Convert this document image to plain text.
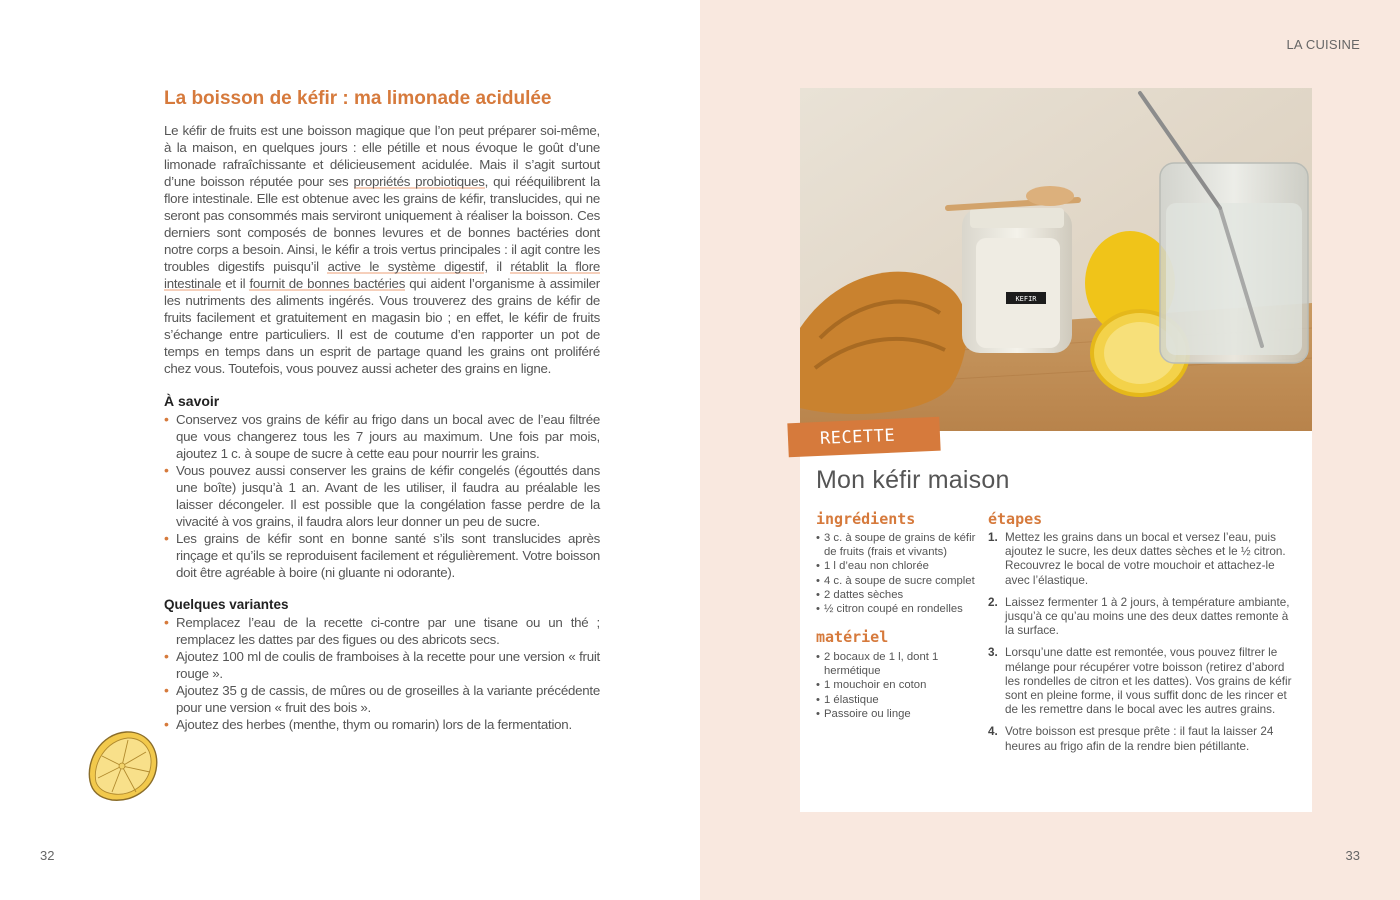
La boisson de kéfir : ma limonade acidulée

Le kéfir de fruits est une boisson magique que l’on peut préparer soi-même, à la maison, en quelques jours : elle pétille et nous évoque le goût d’une limonade rafraîchissante et délicieusement acidulée. Mais il s’agit surtout d’une boisson réputée pour ses propriétés probiotiques, qui rééquilibrent la flore intestinale. Elle est obtenue avec les grains de kéfir, translucides, qui ne seront pas consommés mais serviront uniquement à réaliser la boisson. Ces derniers sont composés de bonnes levures et de bonnes bactéries dont notre corps a besoin. Ainsi, le kéfir a trois vertus principales : il agit contre les troubles digestifs puisqu’il active le système digestif, il rétablit la flore intestinale et il fournit de bonnes bactéries qui aident l’organisme à assimiler les nutriments des aliments ingérés. Vous trouverez des grains de kéfir de fruits facilement et gratuitement en magasin bio ; en effet, le kéfir de fruits s’échange entre particuliers. Il est de coutume d’en rapporter un pot de temps en temps dans un esprit de partage quand les grains ont proliféré chez vous. Toutefois, vous pouvez aussi acheter des grains en ligne.

À savoir
• Conservez vos grains de kéfir au frigo dans un bocal avec de l’eau filtrée que vous changerez tous les 7 jours au maximum. Une fois par mois, ajoutez 1 c. à soupe de sucre à cette eau pour nourrir les grains.
• Vous pouvez aussi conserver les grains de kéfir congelés (égouttés dans une boîte) jusqu’à 1 an. Avant de les utiliser, il faudra au préalable les laisser décongeler. Il est possible que la congélation fasse perdre de la vivacité à vos grains, il faudra alors leur donner un peu de sucre.
• Les grains de kéfir sont en bonne santé s’ils sont translucides après rinçage et qu’ils se reproduisent facilement et régulièrement. Votre boisson doit être agréable à boire (ni gluante ni odorante).
Quelques variantes
• Remplacez l’eau de la recette ci-contre par une tisane ou un thé ; remplacez les dattes par des figues ou des abricots secs.
• Ajoutez 100 ml de coulis de framboises à la recette pour une version « fruit rouge ».
• Ajoutez 35 g de cassis, de mûres ou de groseilles à la variante précédente pour une version « fruit des bois ».
• Ajoutez des herbes (menthe, thym ou romarin) lors de la fermentation.
32
LA CUISINE
KEFIR
RECETTE
Mon kéfir maison
ingrédients
• 3 c. à soupe de grains de kéfir de fruits (frais et vivants)
• 1 l d’eau non chlorée
• 4 c. à soupe de sucre complet
• 2 dattes sèches
• ½ citron coupé en rondelles
matériel
• 2 bocaux de 1 l, dont 1 hermétique
• 1 mouchoir en coton
• 1 élastique
• Passoire ou linge
étapes
1. Mettez les grains dans un bocal et versez l’eau, puis ajoutez le sucre, les deux dattes sèches et le ½ citron. Recouvrez le bocal de votre mouchoir et attachez-le avec l’élastique.
2. Laissez fermenter 1 à 2 jours, à température ambiante, jusqu’à ce qu’au moins une des deux dattes remonte à la surface.
3. Lorsqu’une datte est remontée, vous pouvez filtrer le mélange pour récupérer votre boisson (retirez d’abord les rondelles de citron et les dattes). Vos grains de kéfir sont en pleine forme, il vous suffit donc de les rincer et de les remettre dans le bocal avec les autres grains.
4. Votre boisson est presque prête : il faut la laisser 24 heures au frigo afin de la rendre bien pétillante.
33
